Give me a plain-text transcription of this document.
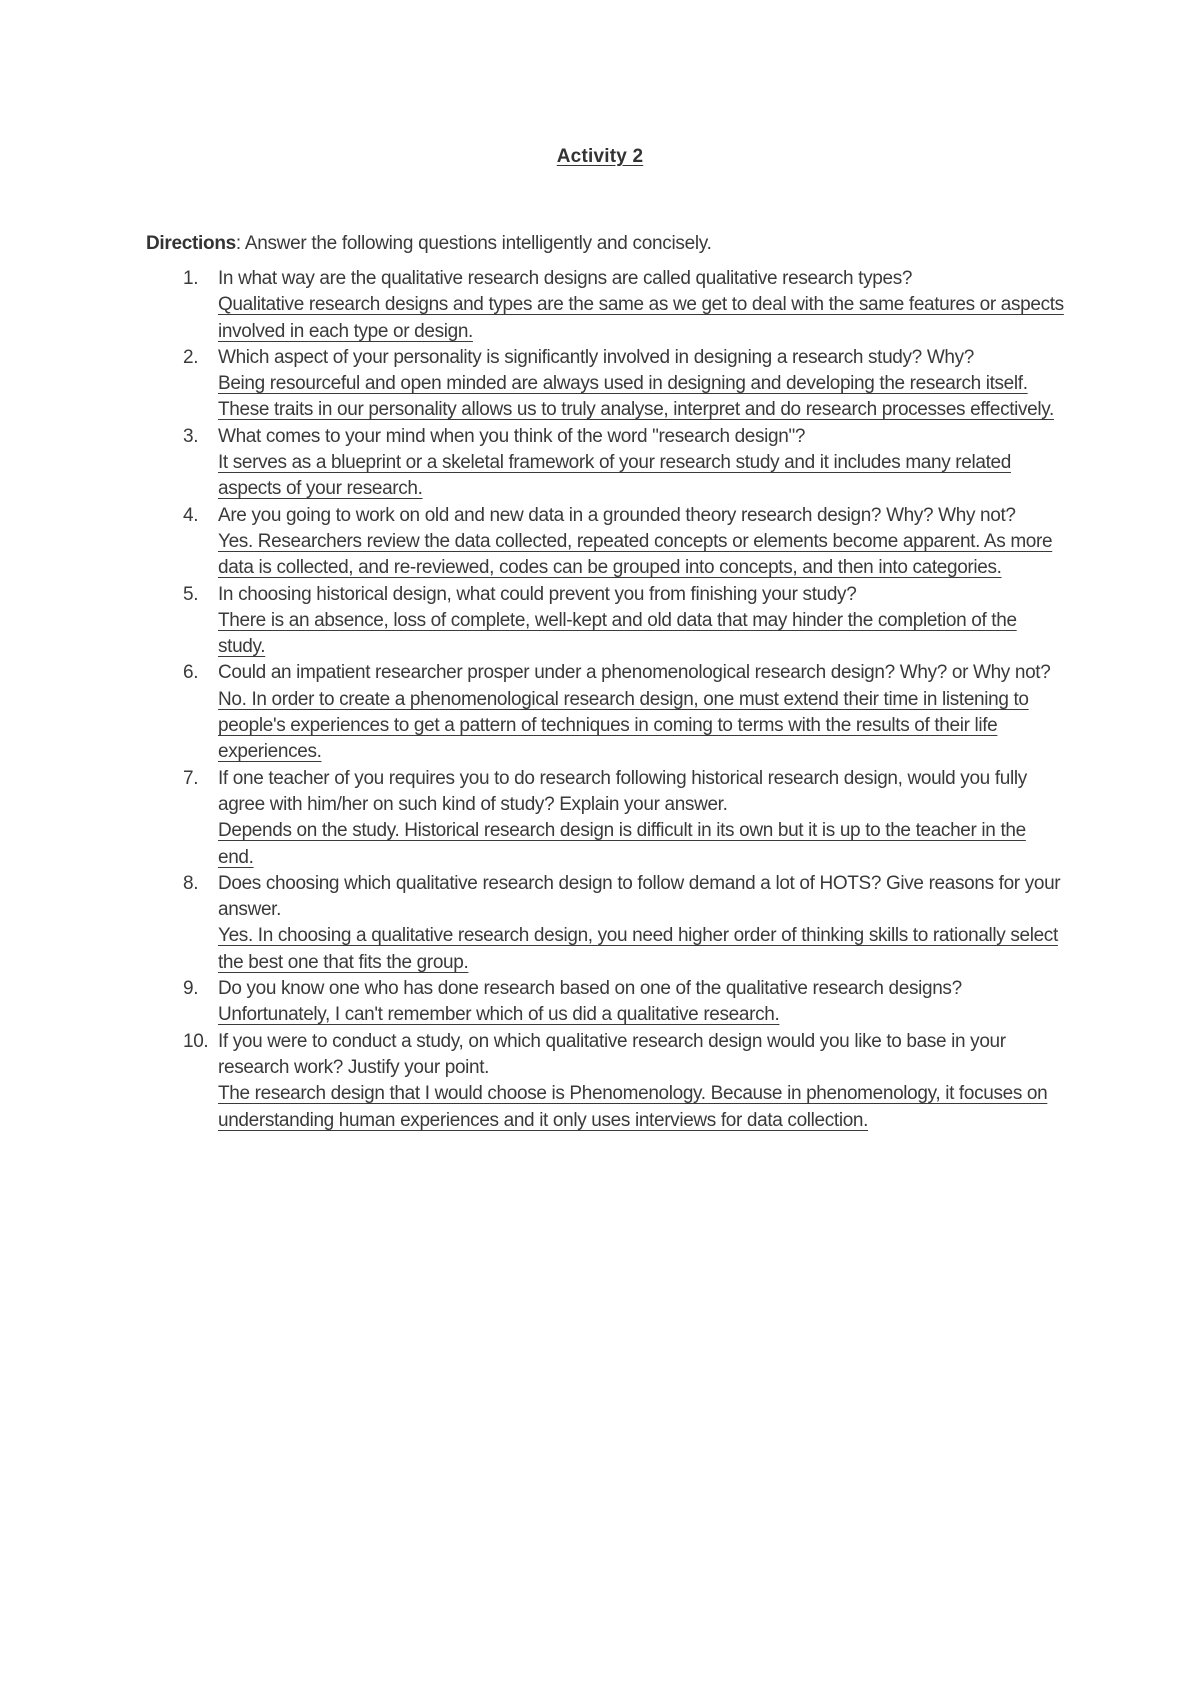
Activity 2
Directions: Answer the following questions intelligently and concisely.
1. In what way are the qualitative research designs are called qualitative research types?
Qualitative research designs and types are the same as we get to deal with the same features or aspects involved in each type or design.
2. Which aspect of your personality is significantly involved in designing a research study? Why?
Being resourceful and open minded are always used in designing and developing the research itself. These traits in our personality allows us to truly analyse, interpret and do research processes effectively.
3. What comes to your mind when you think of the word "research design"?
It serves as a blueprint or a skeletal framework of your research study and it includes many related aspects of your research.
4. Are you going to work on old and new data in a grounded theory research design? Why? Why not?
Yes. Researchers review the data collected, repeated concepts or elements become apparent. As more data is collected, and re-reviewed, codes can be grouped into concepts, and then into categories.
5. In choosing historical design, what could prevent you from finishing your study?
There is an absence, loss of complete, well-kept and old data that may hinder the completion of the study.
6. Could an impatient researcher prosper under a phenomenological research design? Why? or Why not?
No. In order to create a phenomenological research design, one must extend their time in listening to people's experiences to get a pattern of techniques in coming to terms with the results of their life experiences.
7. If one teacher of you requires you to do research following historical research design, would you fully agree with him/her on such kind of study? Explain your answer.
Depends on the study. Historical research design is difficult in its own but it is up to the teacher in the end.
8. Does choosing which qualitative research design to follow demand a lot of HOTS? Give reasons for your answer.
Yes. In choosing a qualitative research design, you need higher order of thinking skills to rationally select the best one that fits the group.
9. Do you know one who has done research based on one of the qualitative research designs?
Unfortunately, I can't remember which of us did a qualitative research.
10. If you were to conduct a study, on which qualitative research design would you like to base in your research work? Justify your point.
The research design that I would choose is Phenomenology. Because in phenomenology, it focuses on understanding human experiences and it only uses interviews for data collection.
